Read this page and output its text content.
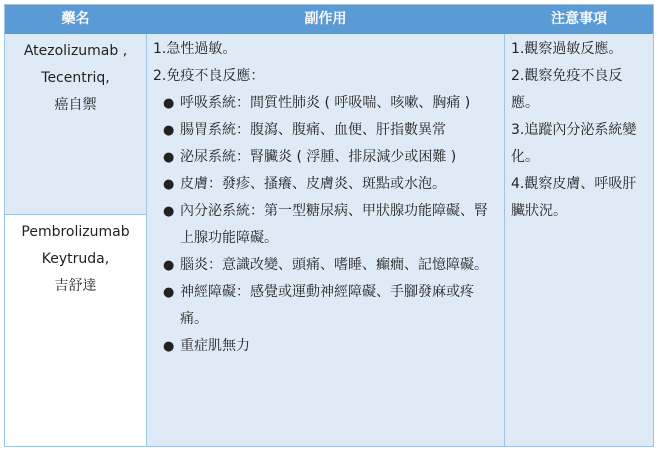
藥名	副作用	注意事項
Atezolizumab ,
Tecentriq,
癌自禦
Pembrolizumab
Keytruda,
吉舒達
1.急性過敏。
2.免疫不良反應：
● 呼吸系統：間質性肺炎 ( 呼吸喘、咳嗽、胸痛 )
● 腸胃系統：腹瀉、腹痛、血便、肝指數異常
● 泌尿系統：腎臟炎 ( 浮腫、排尿減少或困難 )
● 皮膚：發疹、搔癢、皮膚炎、斑點或水泡。
● 內分泌系統：第一型糖尿病、甲狀腺功能障礙、腎上腺功能障礙。
● 腦炎：意識改變、頭痛、嗜睡、癲癇、記憶障礙。
● 神經障礙：感覺或運動神經障礙、手腳發麻或疼痛。
● 重症肌無力
1.觀察過敏反應。
2.觀察免疫不良反應。
3.追蹤內分泌系統變化。
4.觀察皮膚、呼吸肝臟狀況。
